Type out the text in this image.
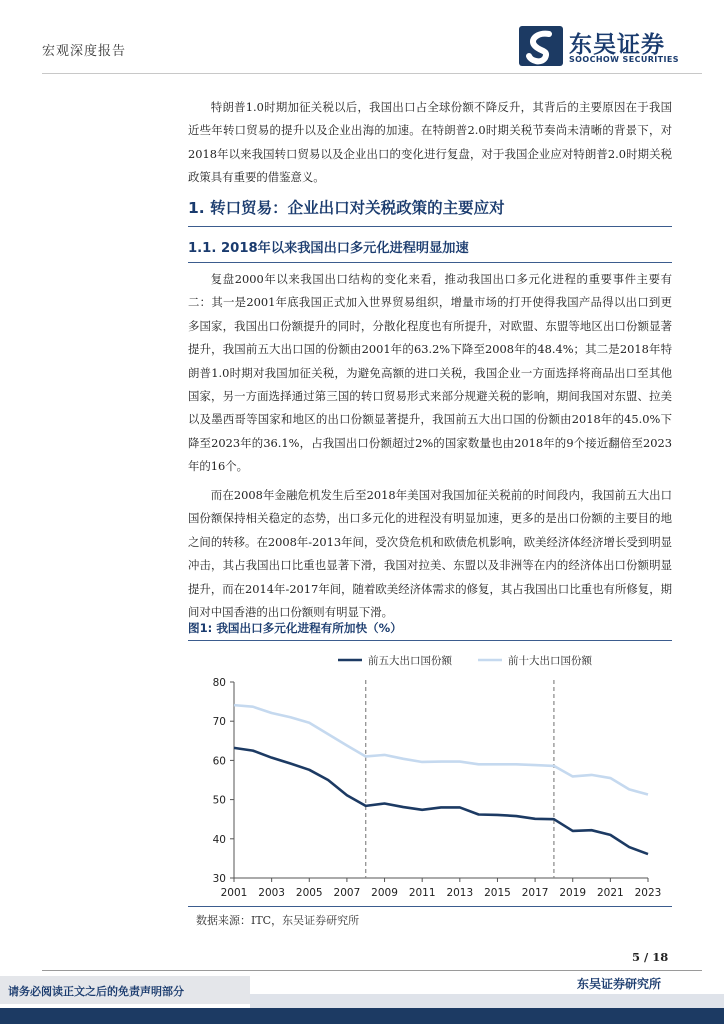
宏观深度报告	东吴证券
SOOCHOW SECURITIES

特朗普1.0时期加征关税以后，我国出口占全球份额不降反升，其背后的主要原因在于我国近些年转口贸易的提升以及企业出海的加速。在特朗普2.0时期关税节奏尚未清晰的背景下，对2018年以来我国转口贸易以及企业出口的变化进行复盘，对于我国企业应对特朗普2.0时期关税政策具有重要的借鉴意义。

1. 转口贸易：企业出口对关税政策的主要应对
1.1. 2018年以来我国出口多元化进程明显加速

复盘2000年以来我国出口结构的变化来看，推动我国出口多元化进程的重要事件主要有二：其一是2001年底我国正式加入世界贸易组织，增量市场的打开使得我国产品得以出口到更多国家，我国出口份额提升的同时，分散化程度也有所提升，对欧盟、东盟等地区出口份额显著提升，我国前五大出口国的份额由2001年的63.2%下降至2008年的48.4%；其二是2018年特朗普1.0时期对我国加征关税，为避免高额的进口关税，我国企业一方面选择将商品出口至其他国家，另一方面选择通过第三国的转口贸易形式来部分规避关税的影响，期间我国对东盟、拉美以及墨西哥等国家和地区的出口份额显著提升，我国前五大出口国的份额由2018年的45.0%下降至2023年的36.1%，占我国出口份额超过2%的国家数量也由2018年的9个接近翻倍至2023年的16个。

而在2008年金融危机发生后至2018年美国对我国加征关税前的时间段内，我国前五大出口国份额保持相关稳定的态势，出口多元化的进程没有明显加速，更多的是出口份额的主要目的地之间的转移。在2008年-2013年间，受次贷危机和欧债危机影响，欧美经济体经济增长受到明显冲击，其占我国出口比重也显著下滑，我国对拉美、东盟以及非洲等在内的经济体出口份额明显提升，而在2014年-2017年间，随着欧美经济体需求的修复，其占我国出口比重也有所修复，期间对中国香港的出口份额则有明显下滑。

图1: 我国出口多元化进程有所加快（%）
前五大出口国份额	前十大出口国份额
30
40
50
60
70
80
2001 2003 2005 2007 2009 2011 2013 2015 2017 2019 2021 2023
数据来源：ITC，东吴证券研究所
5 / 18
请务必阅读正文之后的免责声明部分
东吴证券研究所
